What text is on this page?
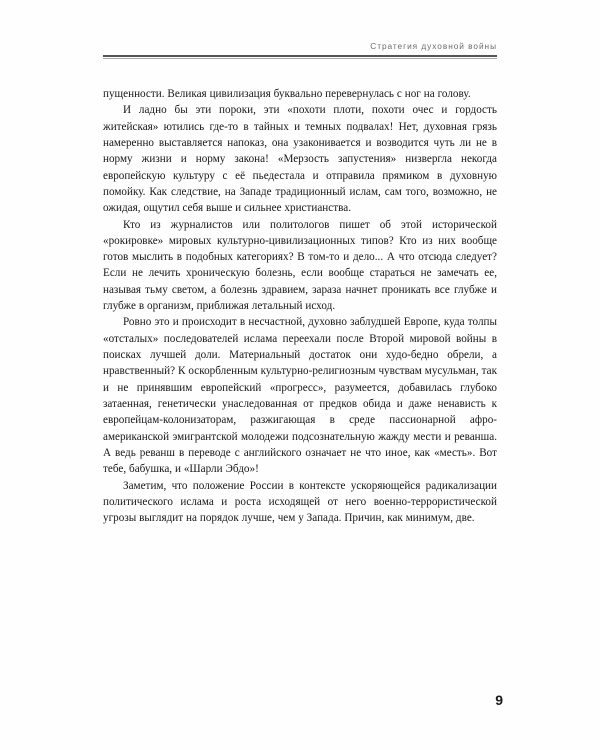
Стратегия духовной войны

пущенности. Великая цивилизация буквально перевернулась с ног на голову.

И ладно бы эти пороки, эти «похоти плоти, похоти очес и гордость житейская» ютились где-то в тайных и темных подвалах! Нет, духовная грязь намеренно выставляется напоказ, она узаконивается и возводится чуть ли не в норму жизни и норму закона! «Мерзость запустения» низвергла некогда европейскую культуру с её пьедестала и отправила прямиком в духовную помойку. Как следствие, на Западе традиционный ислам, сам того, возможно, не ожидая, ощутил себя выше и сильнее христианства.

Кто из журналистов или политологов пишет об этой исторической «рокировке» мировых культурно-цивилизационных типов? Кто из них вообще готов мыслить в подобных категориях? В том-то и дело... А что отсюда следует? Если не лечить хроническую болезнь, если вообще стараться не замечать ее, называя тьму светом, а болезнь здравием, зараза начнет проникать все глубже и глубже в организм, приближая летальный исход.

Ровно это и происходит в несчастной, духовно заблудшей Европе, куда толпы «отсталых» последователей ислама переехали после Второй мировой войны в поисках лучшей доли. Материальный достаток они худо-бедно обрели, а нравственный? К оскорбленным культурно-религиозным чувствам мусульман, так и не принявшим европейский «прогресс», разумеется, добавилась глубоко затаенная, генетически унаследованная от предков обида и даже ненависть к европейцам-колонизаторам, разжигающая в среде пассионарной афро-американской эмигрантской молодежи подсознательную жажду мести и реванша. А ведь реванш в переводе с английского означает не что иное, как «месть». Вот тебе, бабушка, и «Шарли Эбдо»!

Заметим, что положение России в контексте ускоряющейся радикализации политического ислама и роста исходящей от него военно-террористической угрозы выглядит на порядок лучше, чем у Запада. Причин, как минимум, две.

9
